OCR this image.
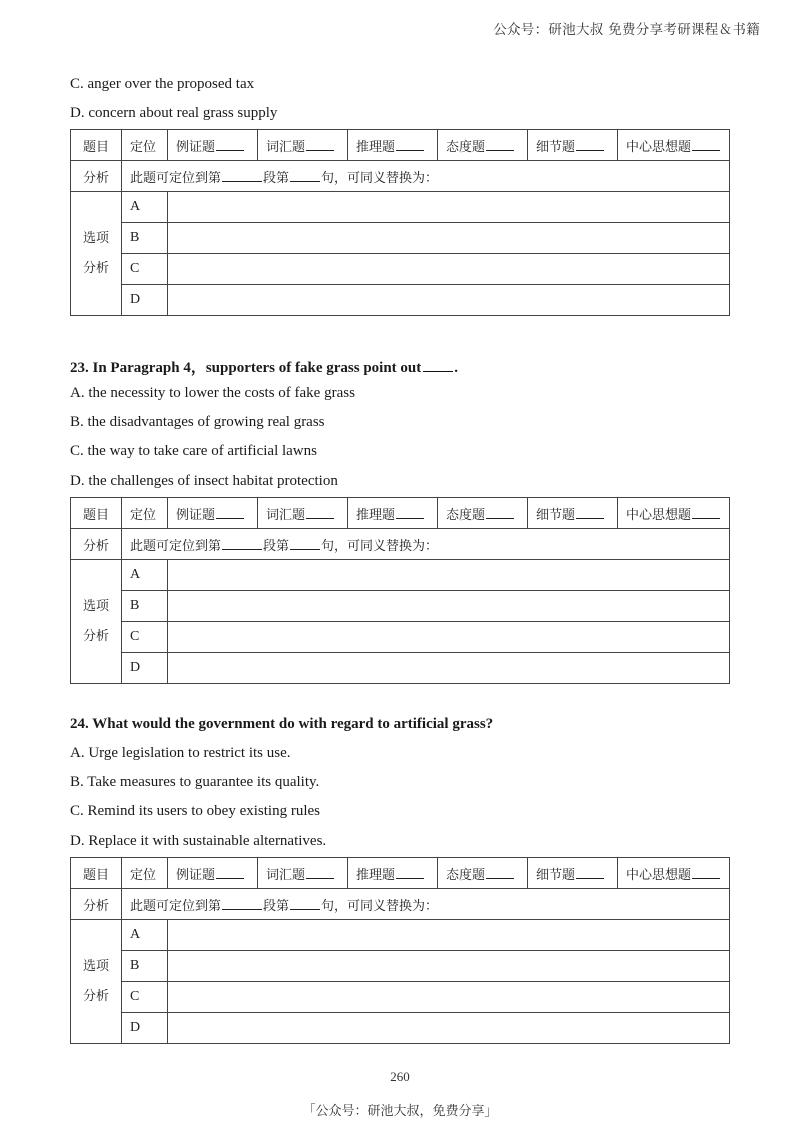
公众号：研池大叔 免费分享考研课程＆书籍
C. anger over the proposed tax
D. concern about real grass supply
题目	定位	例证题	词汇题	推理题	态度题	细节题	中心思想题
分析	此题可定位到第 段第 句，可同义替换为：						
选项
分析	A						
	B						
	C						
	D						
23. In Paragraph 4，supporters of fake grass point out .
A. the necessity to lower the costs of fake grass
B. the disadvantages of growing real grass
C. the way to take care of artificial lawns
D. the challenges of insect habitat protection
题目	定位	例证题	词汇题	推理题	态度题	细节题	中心思想题
分析	此题可定位到第 段第 句，可同义替换为：						
选项
分析	A						
	B						
	C						
	D						
24. What would the government do with regard to artificial grass?
A. Urge legislation to restrict its use.
B. Take measures to guarantee its quality.
C. Remind its users to obey existing rules
D. Replace it with sustainable alternatives.
题目	定位	例证题	词汇题	推理题	态度题	细节题	中心思想题
分析	此题可定位到第 段第 句，可同义替换为：						
选项
分析	A						
	B						
	C						
	D						
260
「公众号：研池大叔，免费分享」
